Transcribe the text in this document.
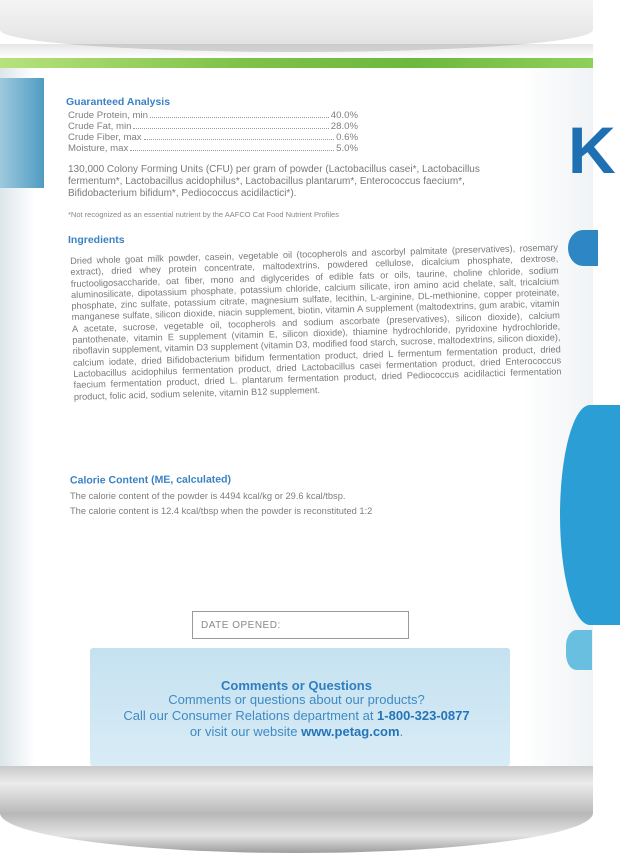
K

Guaranteed Analysis

Crude Protein, min	40.0%
Crude Fat, min	28.0%
Crude Fiber, max	0.6%
Moisture, max	5.0%
130,000 Colony Forming Units (CFU) per gram of powder (Lactobacillus casei*, Lactobacillus fermentum*, Lactobacillus acidophilus*, Lactobacillus plantarum*, Enterococcus faecium*, Bifidobacterium bifidum*, Pediococcus acidilactici*).
*Not recognized as an essential nutrient by the AAFCO Cat Food Nutrient Profiles

Ingredients

Dried whole goat milk powder, casein, vegetable oil (tocopherols and ascorbyl palmitate (preservatives), rosemary extract), dried whey protein concentrate, maltodextrins, powdered cellulose, dicalcium phosphate, dextrose, fructooligosaccharide, oat fiber, mono and diglycerides of edible fats or oils, taurine, choline chloride, sodium aluminosilicate, dipotassium phosphate, potassium chloride, calcium silicate, iron amino acid chelate, salt, tricalcium phosphate, zinc sulfate, potassium citrate, magnesium sulfate, lecithin, L-arginine, DL-methionine, copper proteinate, manganese sulfate, silicon dioxide, niacin supplement, biotin, vitamin A supplement (maltodextrins, gum arabic, vitamin A acetate, sucrose, vegetable oil, tocopherols and sodium ascorbate (preservatives), silicon dioxide), calcium pantothenate, vitamin E supplement (vitamin E, silicon dioxide), thiamine hydrochloride, pyridoxine hydrochloride, riboflavin supplement, vitamin D3 supplement (vitamin D3, modified food starch, sucrose, maltodextrins, silicon dioxide), calcium iodate, dried Bifidobacterium bifidum fermentation product, dried L fermentum fermentation product, dried Lactobacillus acidophilus fermentation product, dried Lactobacillus casei fermentation product, dried Enterococcus faecium fermentation product, dried L. plantarum fermentation product, dried Pediococcus acidilactici fermentation product, folic acid, sodium selenite, vitamin B12 supplement.

Calorie Content (ME, calculated)

The calorie content of the powder is 4494 kcal/kg or 29.6 kcal/tbsp.
The calorie content is 12.4 kcal/tbsp when the powder is reconstituted 1:2
DATE OPENED:
Comments or Questions
Comments or questions about our products?
Call our Consumer Relations department at 1-800-323-0877
or visit our website www.petag.com.
